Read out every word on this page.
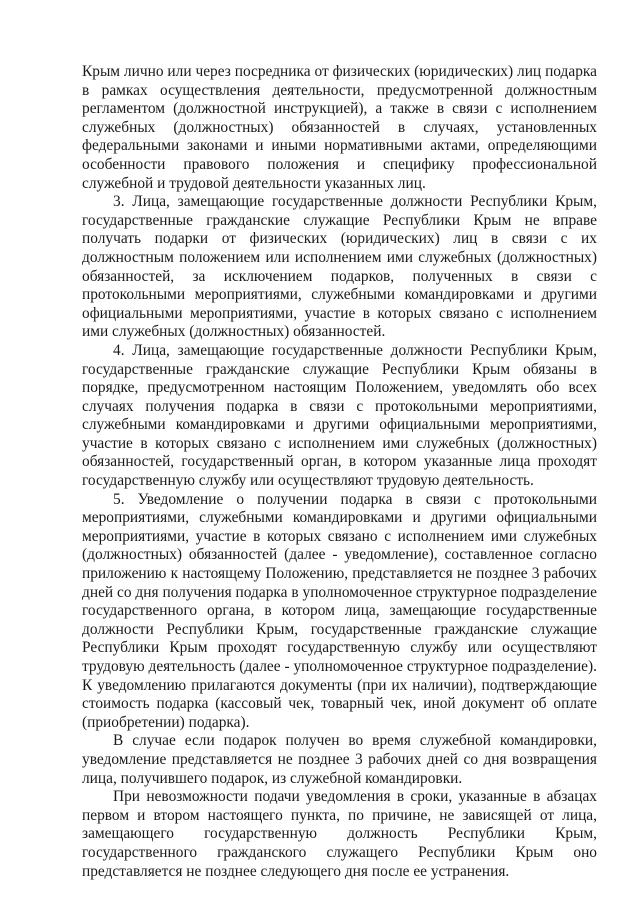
Крым лично или через посредника от физических (юридических) лиц подарка в рамках осуществления деятельности, предусмотренной должностным регламентом (должностной инструкцией), а также в связи с исполнением служебных (должностных) обязанностей в случаях, установленных федеральными законами и иными нормативными актами, определяющими особенности правового положения и специфику профессиональной служебной и трудовой деятельности указанных лиц.

3. Лица, замещающие государственные должности Республики Крым, государственные гражданские служащие Республики Крым не вправе получать подарки от физических (юридических) лиц в связи с их должностным положением или исполнением ими служебных (должностных) обязанностей, за исключением подарков, полученных в связи с протокольными мероприятиями, служебными командировками и другими официальными мероприятиями, участие в которых связано с исполнением ими служебных (должностных) обязанностей.

4. Лица, замещающие государственные должности Республики Крым, государственные гражданские служащие Республики Крым обязаны в порядке, предусмотренном настоящим Положением, уведомлять обо всех случаях получения подарка в связи с протокольными мероприятиями, служебными командировками и другими официальными мероприятиями, участие в которых связано с исполнением ими служебных (должностных) обязанностей, государственный орган, в котором указанные лица проходят государственную службу или осуществляют трудовую деятельность.

5. Уведомление о получении подарка в связи с протокольными мероприятиями, служебными командировками и другими официальными мероприятиями, участие в которых связано с исполнением ими служебных (должностных) обязанностей (далее - уведомление), составленное согласно приложению к настоящему Положению, представляется не позднее 3 рабочих дней со дня получения подарка в уполномоченное структурное подразделение государственного органа, в котором лица, замещающие государственные должности Республики Крым, государственные гражданские служащие Республики Крым проходят государственную службу или осуществляют трудовую деятельность (далее - уполномоченное структурное подразделение). К уведомлению прилагаются документы (при их наличии), подтверждающие стоимость подарка (кассовый чек, товарный чек, иной документ об оплате (приобретении) подарка).

В случае если подарок получен во время служебной командировки, уведомление представляется не позднее 3 рабочих дней со дня возвращения лица, получившего подарок, из служебной командировки.

При невозможности подачи уведомления в сроки, указанные в абзацах первом и втором настоящего пункта, по причине, не зависящей от лица, замещающего государственную должность Республики Крым, государственного гражданского служащего Республики Крым оно представляется не позднее следующего дня после ее устранения.
